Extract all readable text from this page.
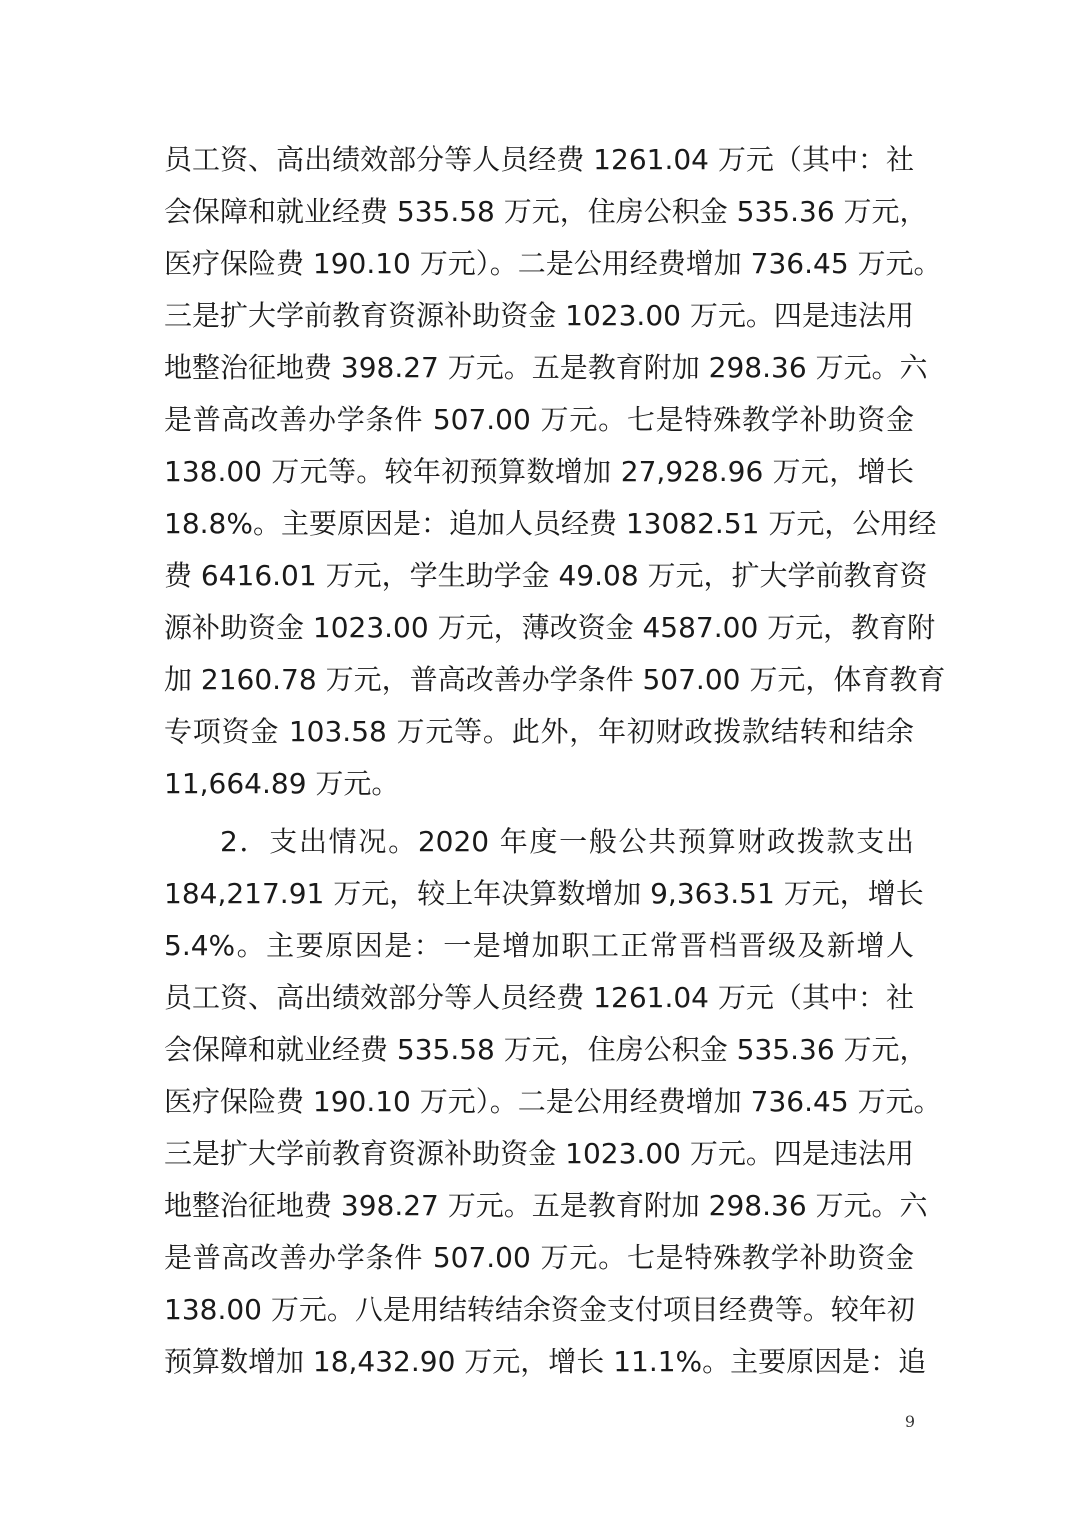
员工资、高出绩效部分等人员经费 1261.04 万元（其中：社
会保障和就业经费 535.58 万元，住房公积金 535.36 万元，
医疗保险费 190.10 万元）。二是公用经费增加 736.45 万元。
三是扩大学前教育资源补助资金 1023.00 万元。四是违法用
地整治征地费 398.27 万元。五是教育附加 298.36 万元。六
是普高改善办学条件 507.00 万元。七是特殊教学补助资金
138.00 万元等。较年初预算数增加 27,928.96 万元，增长
18.8%。主要原因是：追加人员经费 13082.51 万元，公用经
费 6416.01 万元，学生助学金 49.08 万元，扩大学前教育资
源补助资金 1023.00 万元，薄改资金 4587.00 万元，教育附
加 2160.78 万元，普高改善办学条件 507.00 万元，体育教育
专项资金 103.58 万元等。此外，年初财政拨款结转和结余
11,664.89 万元。
2．支出情况。2020 年度一般公共预算财政拨款支出
184,217.91 万元，较上年决算数增加 9,363.51 万元，增长
5.4%。主要原因是：一是增加职工正常晋档晋级及新增人
员工资、高出绩效部分等人员经费 1261.04 万元（其中：社
会保障和就业经费 535.58 万元，住房公积金 535.36 万元，
医疗保险费 190.10 万元）。二是公用经费增加 736.45 万元。
三是扩大学前教育资源补助资金 1023.00 万元。四是违法用
地整治征地费 398.27 万元。五是教育附加 298.36 万元。六
是普高改善办学条件 507.00 万元。七是特殊教学补助资金
138.00 万元。八是用结转结余资金支付项目经费等。较年初
预算数增加 18,432.90 万元，增长 11.1%。主要原因是：追
9
